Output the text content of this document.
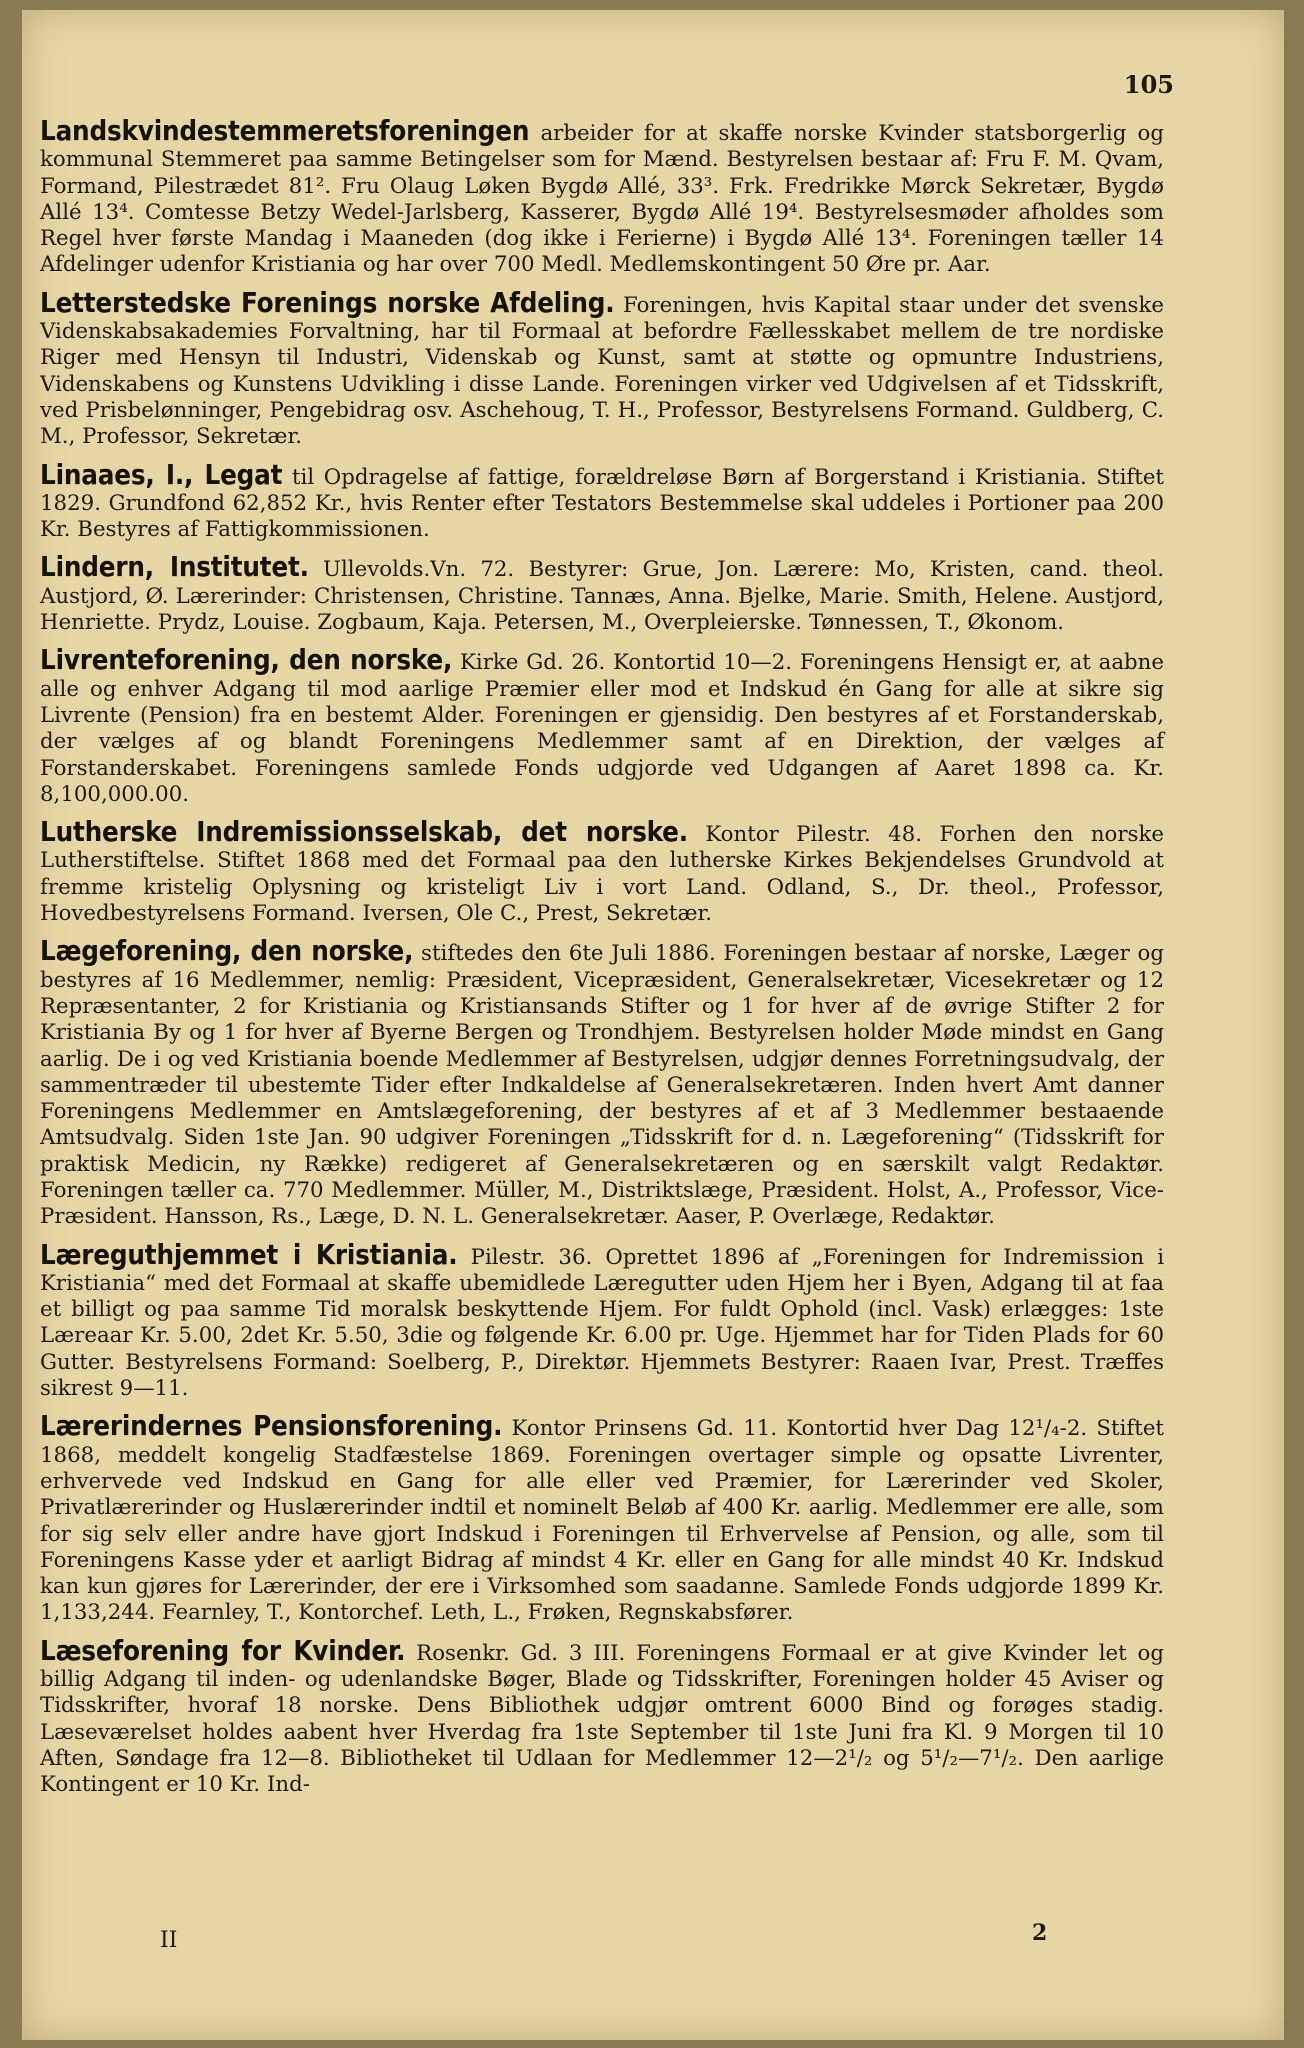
105

Landskvindestemmeretsforeningen arbeider for at skaffe norske Kvinder statsborgerlig og kommunal Stemmeret paa samme Betingelser som for Mænd. Bestyrelsen bestaar af: Fru F. M. Qvam, Formand, Pilestrædet 81². Fru Olaug Løken Bygdø Allé, 33³. Frk. Fredrikke Mørck Sekretær, Bygdø Allé 13⁴. Comtesse Betzy Wedel-Jarlsberg, Kasserer, Bygdø Allé 19⁴. Bestyrelsesmøder afholdes som Regel hver første Mandag i Maaneden (dog ikke i Ferierne) i Bygdø Allé 13⁴. Foreningen tæller 14 Afdelinger udenfor Kristiania og har over 700 Medl. Medlemskontingent 50 Øre pr. Aar.

Letterstedske Forenings norske Afdeling. Foreningen, hvis Kapital staar under det svenske Videnskabsakademies Forvaltning, har til Formaal at befordre Fællesskabet mellem de tre nordiske Riger med Hensyn til Industri, Videnskab og Kunst, samt at støtte og opmuntre Industriens, Videnskabens og Kunstens Udvikling i disse Lande. Foreningen virker ved Udgivelsen af et Tidsskrift, ved Prisbelønninger, Pengebidrag osv. Aschehoug, T. H., Professor, Bestyrelsens Formand. Guldberg, C. M., Professor, Sekretær.

Linaaes, I., Legat til Opdragelse af fattige, forældreløse Børn af Borgerstand i Kristiania. Stiftet 1829. Grundfond 62,852 Kr., hvis Renter efter Testators Bestemmelse skal uddeles i Portioner paa 200 Kr. Bestyres af Fattigkommissionen.

Lindern, Institutet. Ullevolds.Vn. 72. Bestyrer: Grue, Jon. Lærere: Mo, Kristen, cand. theol. Austjord, Ø. Lærerinder: Christensen, Christine. Tannæs, Anna. Bjelke, Marie. Smith, Helene. Austjord, Henriette. Prydz, Louise. Zogbaum, Kaja. Petersen, M., Overpleierske. Tønnessen, T., Økonom.

Livrenteforening, den norske, Kirke Gd. 26. Kontortid 10—2. Foreningens Hensigt er, at aabne alle og enhver Adgang til mod aarlige Præmier eller mod et Indskud én Gang for alle at sikre sig Livrente (Pension) fra en bestemt Alder. Foreningen er gjensidig. Den bestyres af et Forstanderskab, der vælges af og blandt Foreningens Medlemmer samt af en Direktion, der vælges af Forstanderskabet. Foreningens samlede Fonds udgjorde ved Udgangen af Aaret 1898 ca. Kr. 8,100,000.00.

Lutherske Indremissionsselskab, det norske. Kontor Pilestr. 48. Forhen den norske Lutherstiftelse. Stiftet 1868 med det Formaal paa den lutherske Kirkes Bekjendelses Grundvold at fremme kristelig Oplysning og kristeligt Liv i vort Land. Odland, S., Dr. theol., Professor, Hovedbestyrelsens Formand. Iversen, Ole C., Prest, Sekretær.

Lægeforening, den norske, stiftedes den 6te Juli 1886. Foreningen bestaar af norske, Læger og bestyres af 16 Medlemmer, nemlig: Præsident, Vicepræsident, Generalsekretær, Vicesekretær og 12 Repræsentanter, 2 for Kristiania og Kristiansands Stifter og 1 for hver af de øvrige Stifter 2 for Kristiania By og 1 for hver af Byerne Bergen og Trondhjem. Bestyrelsen holder Møde mindst en Gang aarlig. De i og ved Kristiania boende Medlemmer af Bestyrelsen, udgjør dennes Forretningsudvalg, der sammentræder til ubestemte Tider efter Indkaldelse af Generalsekretæren. Inden hvert Amt danner Foreningens Medlemmer en Amtslægeforening, der bestyres af et af 3 Medlemmer bestaaende Amtsudvalg. Siden 1ste Jan. 90 udgiver Foreningen „Tidsskrift for d. n. Lægeforening“ (Tidsskrift for praktisk Medicin, ny Række) redigeret af Generalsekretæren og en særskilt valgt Redaktør. Foreningen tæller ca. 770 Medlemmer. Müller, M., Distriktslæge, Præsident. Holst, A., Professor, Vice-Præsident. Hansson, Rs., Læge, D. N. L. Generalsekretær. Aaser, P. Overlæge, Redaktør.

Læreguthjemmet i Kristiania. Pilestr. 36. Oprettet 1896 af „Foreningen for Indremission i Kristiania“ med det Formaal at skaffe ubemidlede Læregutter uden Hjem her i Byen, Adgang til at faa et billigt og paa samme Tid moralsk beskyttende Hjem. For fuldt Ophold (incl. Vask) erlægges: 1ste Læreaar Kr. 5.00, 2det Kr. 5.50, 3die og følgende Kr. 6.00 pr. Uge. Hjemmet har for Tiden Plads for 60 Gutter. Bestyrelsens Formand: Soelberg, P., Direktør. Hjemmets Bestyrer: Raaen Ivar, Prest. Træffes sikrest 9—11.

Lærerindernes Pensionsforening. Kontor Prinsens Gd. 11. Kontortid hver Dag 12¹/₄-2. Stiftet 1868, meddelt kongelig Stadfæstelse 1869. Foreningen overtager simple og opsatte Livrenter, erhvervede ved Indskud en Gang for alle eller ved Præmier, for Lærerinder ved Skoler, Privatlærerinder og Huslærerinder indtil et nominelt Beløb af 400 Kr. aarlig. Medlemmer ere alle, som for sig selv eller andre have gjort Indskud i Foreningen til Erhvervelse af Pension, og alle, som til Foreningens Kasse yder et aarligt Bidrag af mindst 4 Kr. eller en Gang for alle mindst 40 Kr. Indskud kan kun gjøres for Lærerinder, der ere i Virksomhed som saadanne. Samlede Fonds udgjorde 1899 Kr. 1,133,244. Fearnley, T., Kontorchef. Leth, L., Frøken, Regnskabsfører.

Læseforening for Kvinder. Rosenkr. Gd. 3 III. Foreningens Formaal er at give Kvinder let og billig Adgang til inden- og udenlandske Bøger, Blade og Tidsskrifter, Foreningen holder 45 Aviser og Tidsskrifter, hvoraf 18 norske. Dens Bibliothek udgjør omtrent 6000 Bind og forøges stadig. Læseværelset holdes aabent hver Hverdag fra 1ste September til 1ste Juni fra Kl. 9 Morgen til 10 Aften, Søndage fra 12—8. Bibliotheket til Udlaan for Medlemmer 12—2¹/₂ og 5¹/₂—7¹/₂. Den aarlige Kontingent er 10 Kr. Ind-

II	2
